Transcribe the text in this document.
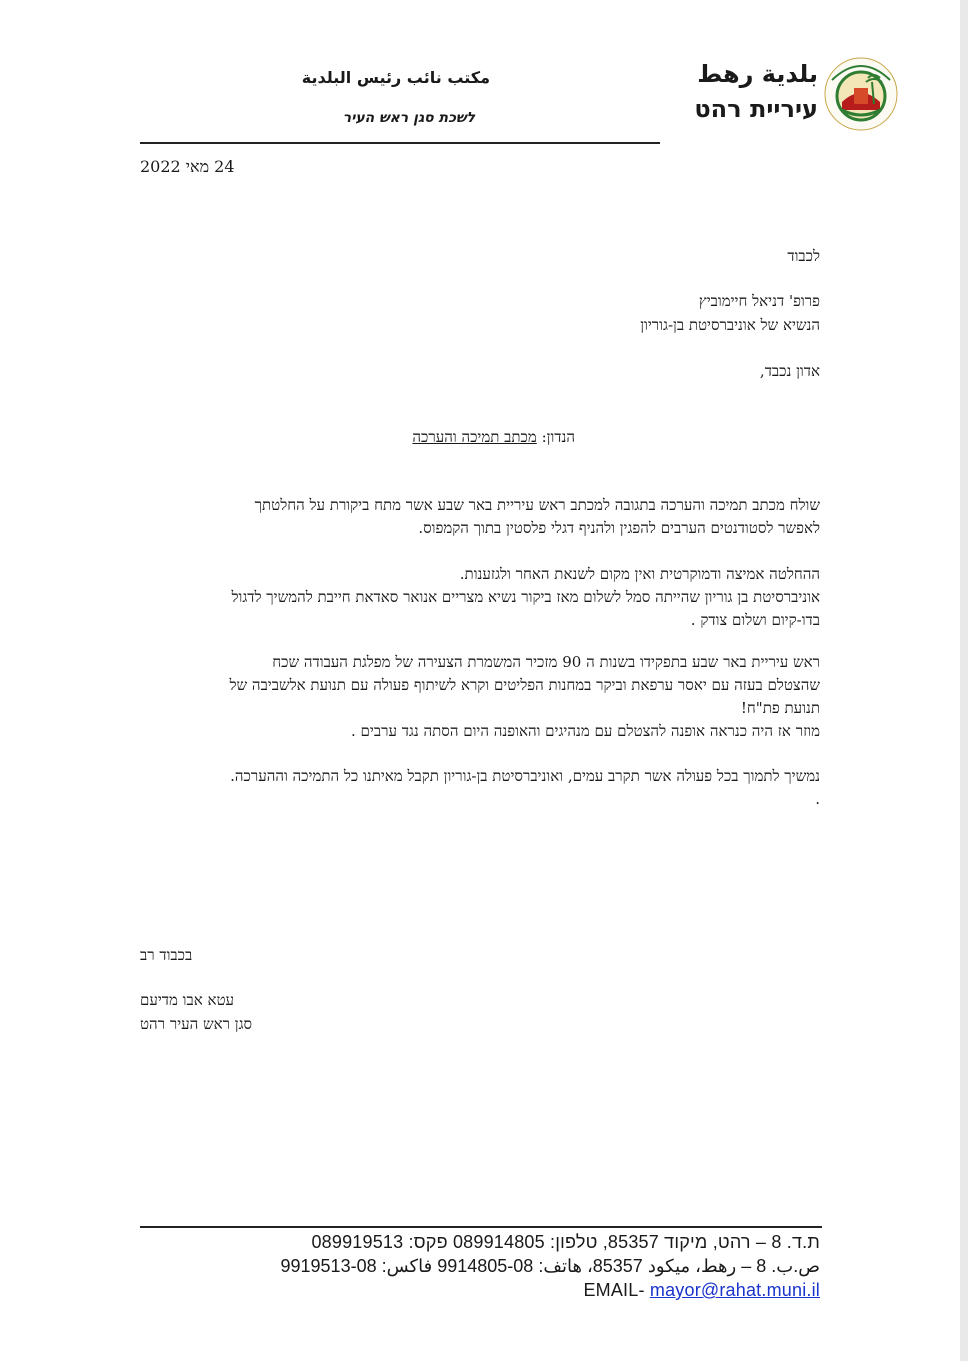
بلدية رهط
עיריית רהט
مكتب نائب رئيس البلدية
לשכת סגן ראש העיר
24 מאי 2022
לכבוד
פרופ' דניאל חיימוביץ
הנשיא של אוניברסיטת בן-גוריון
אדון נכבד,
הנדון: מכתב תמיכה והערכה
שולח מכתב תמיכה והערכה בתגובה למכתב ראש עיריית באר שבע אשר מתח ביקורת על החלטתך
לאפשר לסטודנטים הערבים להפגין ולהניף דגלי פלסטין בתוך הקמפוס.
ההחלטה אמיצה ודמוקרטית ואין מקום לשנאת האחר ולגזענות.
אוניברסיטת בן גוריון שהייתה סמל לשלום מאז ביקור נשיא מצריים אנואר סאדאת חייבת להמשיך לדגול
בדו-קיום ושלום צודק .
ראש עיריית באר שבע בתפקידו בשנות ה 90 מזכיר המשמרת הצעירה של מפלגת העבודה שכח
שהצטלם בעזה עם יאסר ערפאת וביקר במחנות הפליטים וקרא לשיתוף פעולה עם תנועת אלשביבה של
תנועת פת"ח!
מוזר אז היה כנראה אופנה להצטלם עם מנהיגים והאופנה היום הסתה נגד ערבים .
נמשיך לתמוך בכל פעולה אשר תקרב עמים, ואוניברסיטת בן-גוריון תקבל מאיתנו כל התמיכה וההערכה.
.
בכבוד רב
עטא אבו מדיעם
סגן ראש העיר רהט
ת.ד. 8 – רהט, מיקוד 85357, טלפון: 089914805 פקס: 089919513
ص.ب. 8 – رهط، ميكود 85357، هاتف: 08-9914805 فاكس: 08-9919513
EMAIL- mayor@rahat.muni.il
